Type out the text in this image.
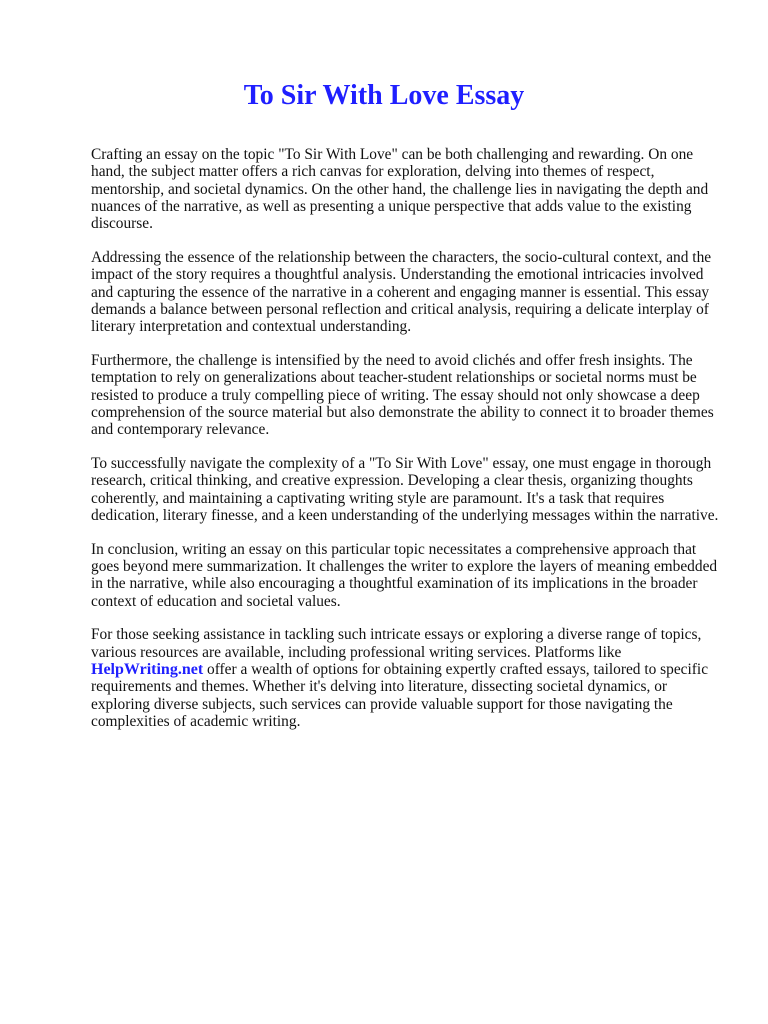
To Sir With Love Essay

Crafting an essay on the topic "To Sir With Love" can be both challenging and rewarding. On one hand, the subject matter offers a rich canvas for exploration, delving into themes of respect, mentorship, and societal dynamics. On the other hand, the challenge lies in navigating the depth and nuances of the narrative, as well as presenting a unique perspective that adds value to the existing discourse.

Addressing the essence of the relationship between the characters, the socio-cultural context, and the impact of the story requires a thoughtful analysis. Understanding the emotional intricacies involved and capturing the essence of the narrative in a coherent and engaging manner is essential. This essay demands a balance between personal reflection and critical analysis, requiring a delicate interplay of literary interpretation and contextual understanding.

Furthermore, the challenge is intensified by the need to avoid clichés and offer fresh insights. The temptation to rely on generalizations about teacher-student relationships or societal norms must be resisted to produce a truly compelling piece of writing. The essay should not only showcase a deep comprehension of the source material but also demonstrate the ability to connect it to broader themes and contemporary relevance.

To successfully navigate the complexity of a "To Sir With Love" essay, one must engage in thorough research, critical thinking, and creative expression. Developing a clear thesis, organizing thoughts coherently, and maintaining a captivating writing style are paramount. It's a task that requires dedication, literary finesse, and a keen understanding of the underlying messages within the narrative.

In conclusion, writing an essay on this particular topic necessitates a comprehensive approach that goes beyond mere summarization. It challenges the writer to explore the layers of meaning embedded in the narrative, while also encouraging a thoughtful examination of its implications in the broader context of education and societal values.

For those seeking assistance in tackling such intricate essays or exploring a diverse range of topics, various resources are available, including professional writing services. Platforms like HelpWriting.net offer a wealth of options for obtaining expertly crafted essays, tailored to specific requirements and themes. Whether it's delving into literature, dissecting societal dynamics, or exploring diverse subjects, such services can provide valuable support for those navigating the complexities of academic writing.
